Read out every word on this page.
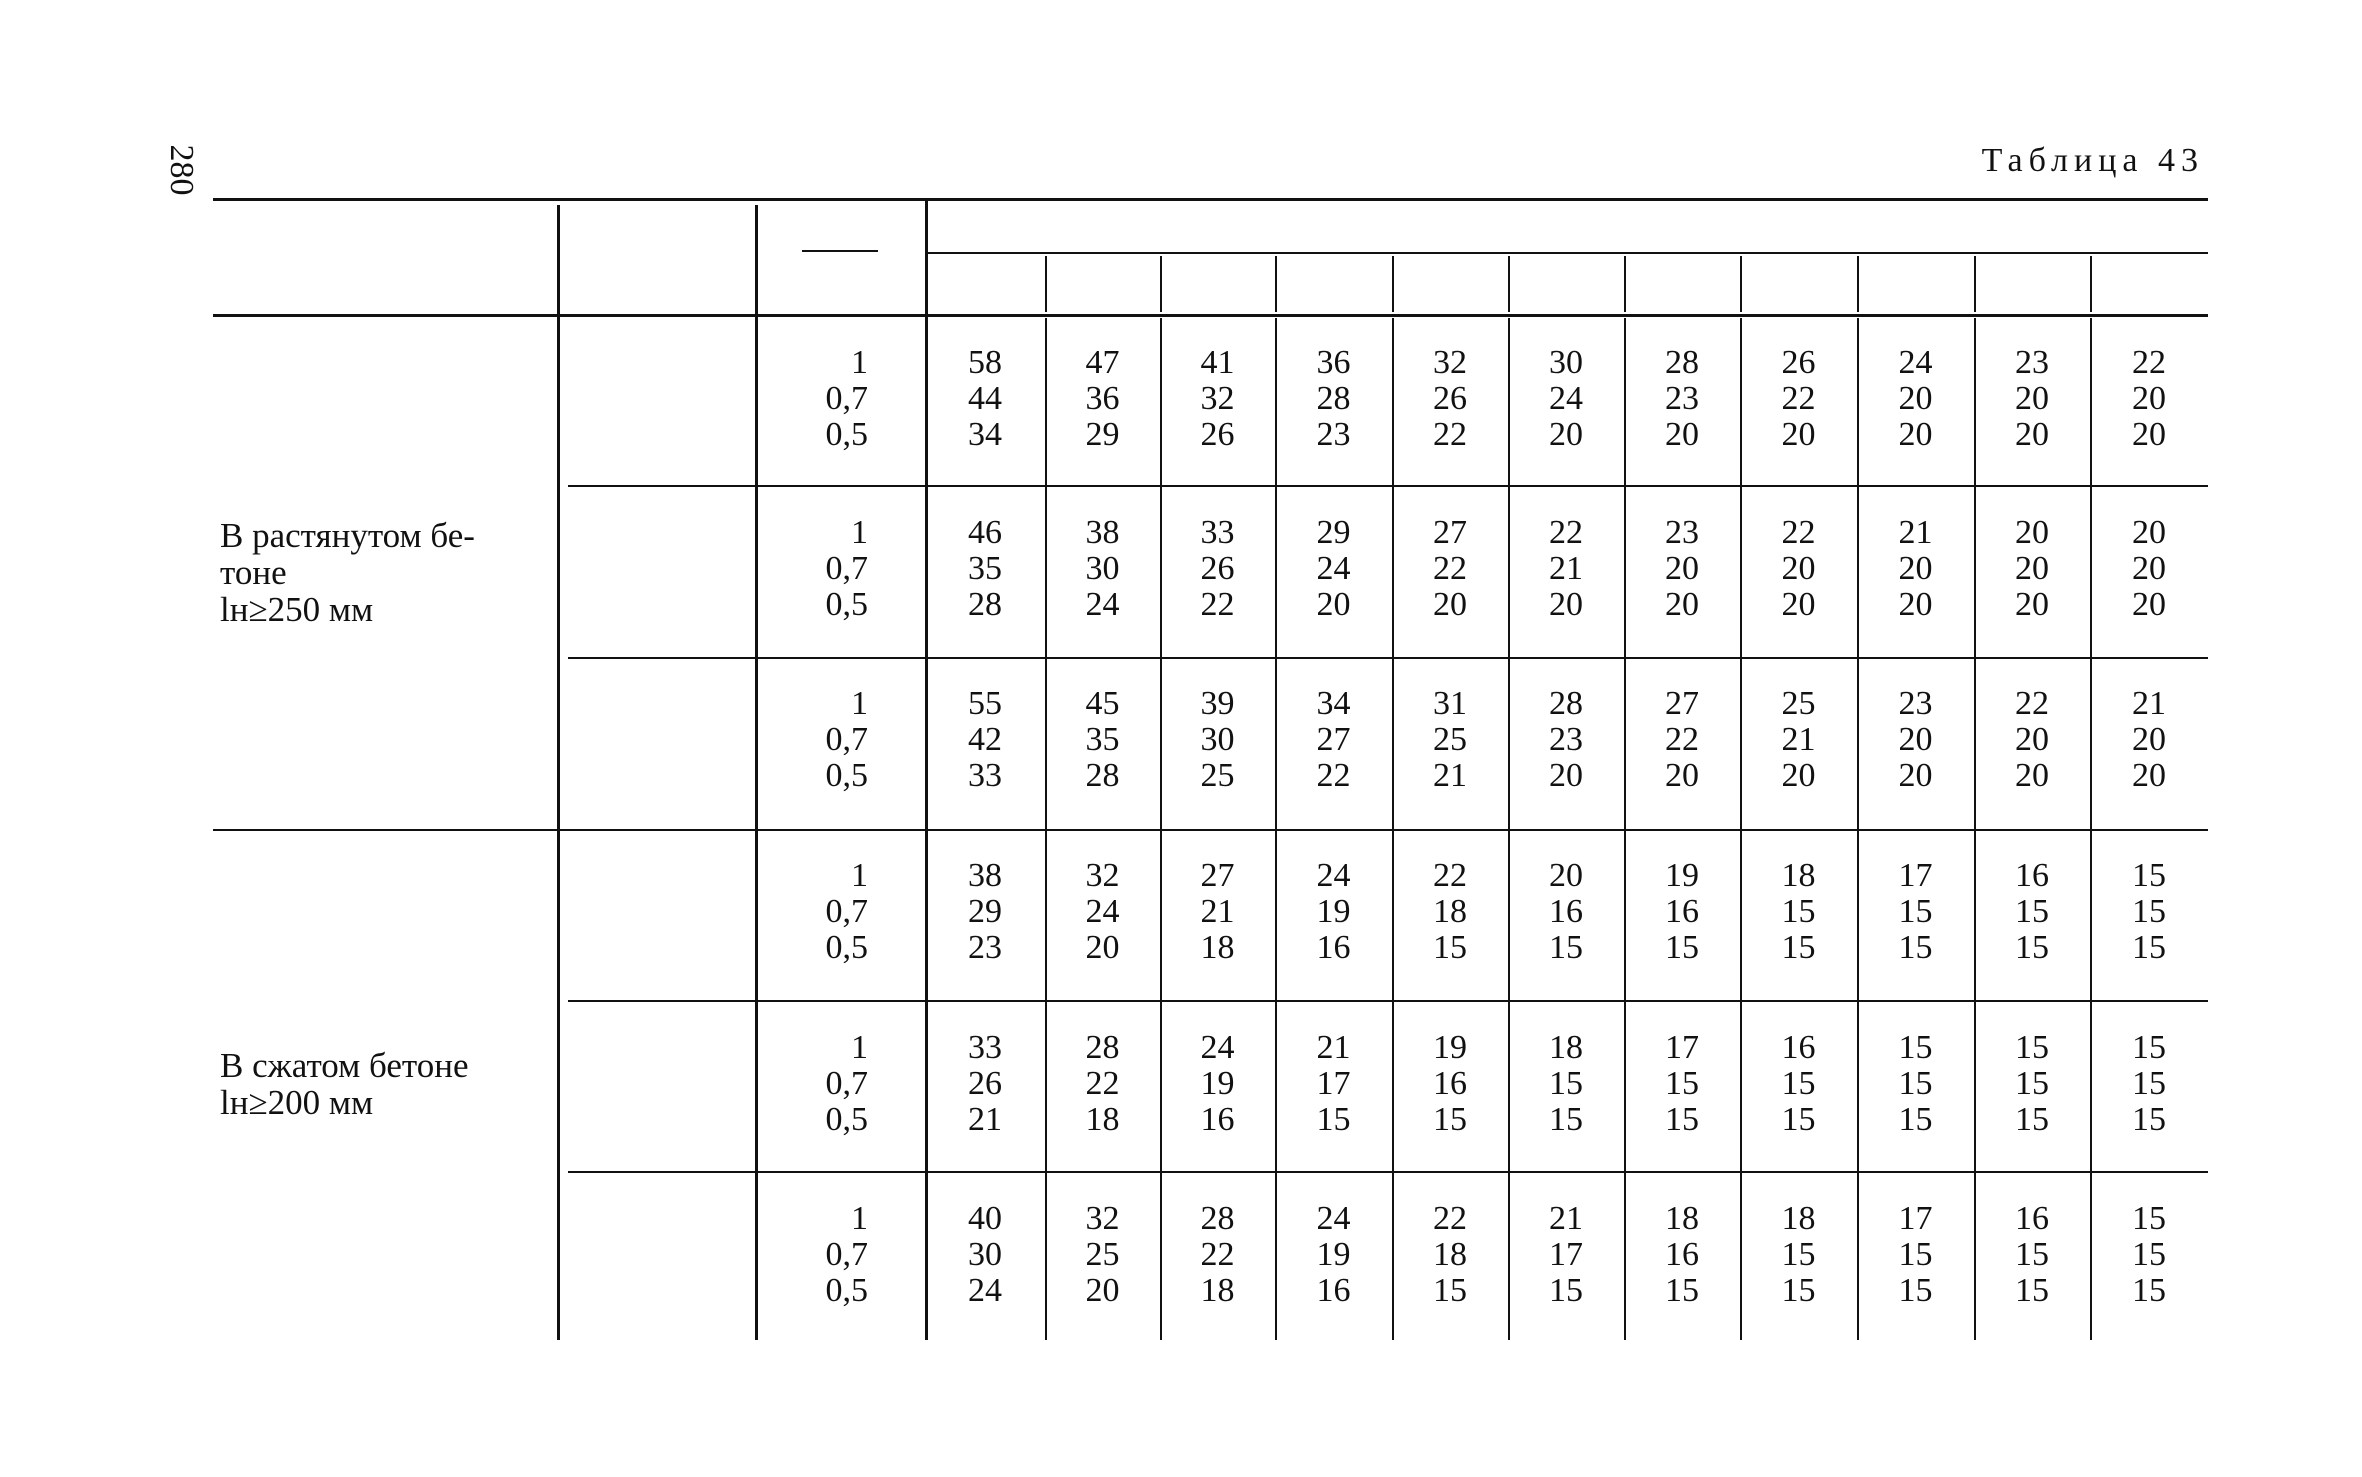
280	Таблица 43
В растянутом бе-
тоне
lн≥250 мм
1
0,7
0,5
58
44
34
47
36
29
41
32
26
36
28
23
32
26
22
30
24
20
28
23
20
26
22
20
24
20
20
23
20
20
22
20
20
1
0,7
0,5
46
35
28
38
30
24
33
26
22
29
24
20
27
22
20
22
21
20
23
20
20
22
20
20
21
20
20
20
20
20
20
20
20
1
0,7
0,5
55
42
33
45
35
28
39
30
25
34
27
22
31
25
21
28
23
20
27
22
20
25
21
20
23
20
20
22
20
20
21
20
20
В сжатом бетоне
lн≥200 мм
1
0,7
0,5
38
29
23
32
24
20
27
21
18
24
19
16
22
18
15
20
16
15
19
16
15
18
15
15
17
15
15
16
15
15
15
15
15
1
0,7
0,5
33
26
21
28
22
18
24
19
16
21
17
15
19
16
15
18
15
15
17
15
15
16
15
15
15
15
15
15
15
15
15
15
15
1
0,7
0,5
40
30
24
32
25
20
28
22
18
24
19
16
22
18
15
21
17
15
18
16
15
18
15
15
17
15
15
16
15
15
15
15
15
